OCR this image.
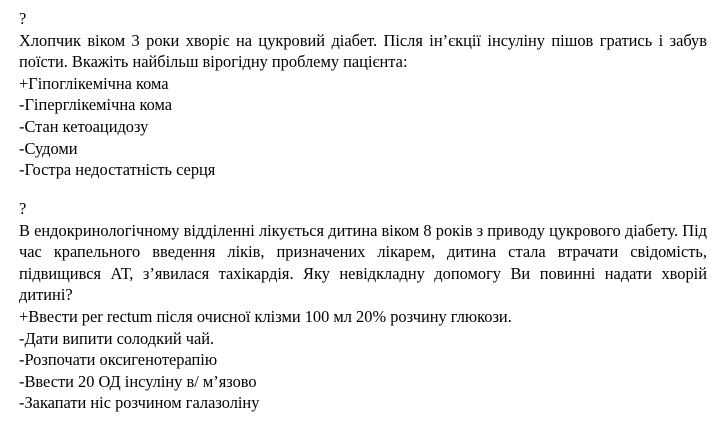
?
Хлопчик віком 3 роки хворіє на цукровий діабет. Після ін’єкції інсуліну пішов гратись і забув поїсти. Вкажіть найбільш вірогідну проблему пацієнта:
+Гіпоглікемічна кома
-Гіперглікемічна кома
-Стан кетоацидозу
-Судоми
-Гостра недостатність серця
?
В ендокринологічному відділенні лікується дитина віком 8 років з приводу цукрового діабету. Під час крапельного введення ліків, призначених лікарем, дитина стала втрачати свідомість, підвищився АТ, з’явилася тахікардія. Яку невідкладну допомогу Ви повинні надати хворій дитині?
+Ввести per rectum після очисної клізми 100 мл 20% розчину глюкози.
-Дати випити солодкий чай.
-Розпочати оксигенотерапію
-Ввести 20 ОД інсуліну в/ м’язово
-Закапати ніс розчином галазоліну
